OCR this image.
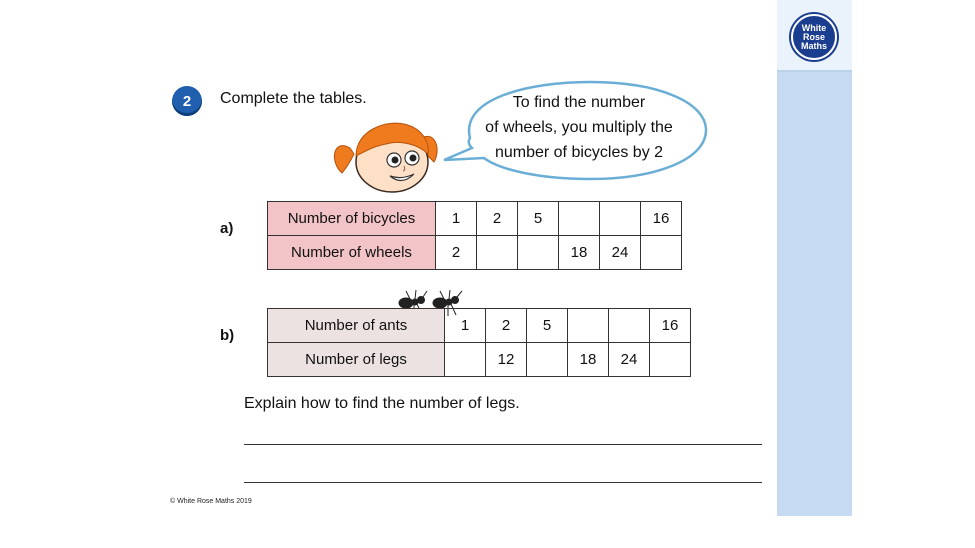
White
Rose
Maths
2	Complete the tables.	To find the number
of wheels, you multiply the
number of bicycles by 2
a)
Number of bicycles	1	2	5			16
Number of wheels	2			18	24	
b)
Number of ants	1	2	5			16
Number of legs		12		18	24	
Explain how to find the number of legs.
© White Rose Maths 2019
